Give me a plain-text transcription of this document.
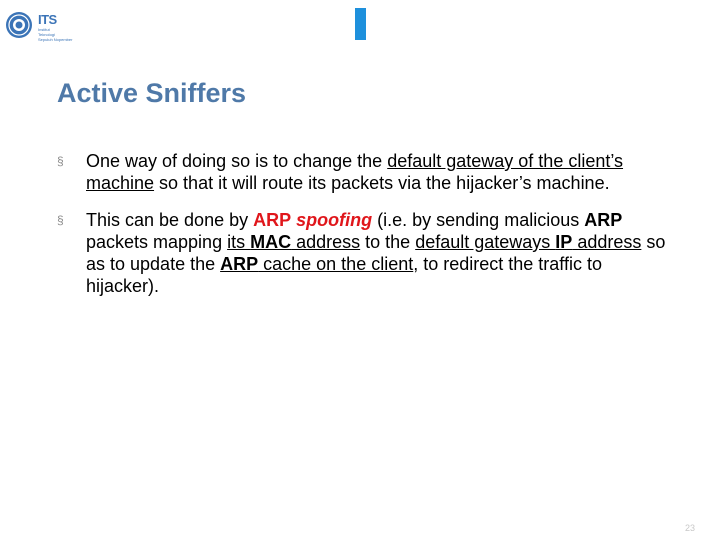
ITS
Institut
Teknologi
Sepuluh Nopember
Active Sniffers
§ One way of doing so is to change the default gateway of the client’s machine so that it will route its packets via the hijacker’s machine.
§ This can be done by ARP spoofing (i.e. by sending malicious ARP packets mapping its MAC address to the default gateways IP address so as to update the ARP cache on the client, to redirect the traffic to hijacker).
23
